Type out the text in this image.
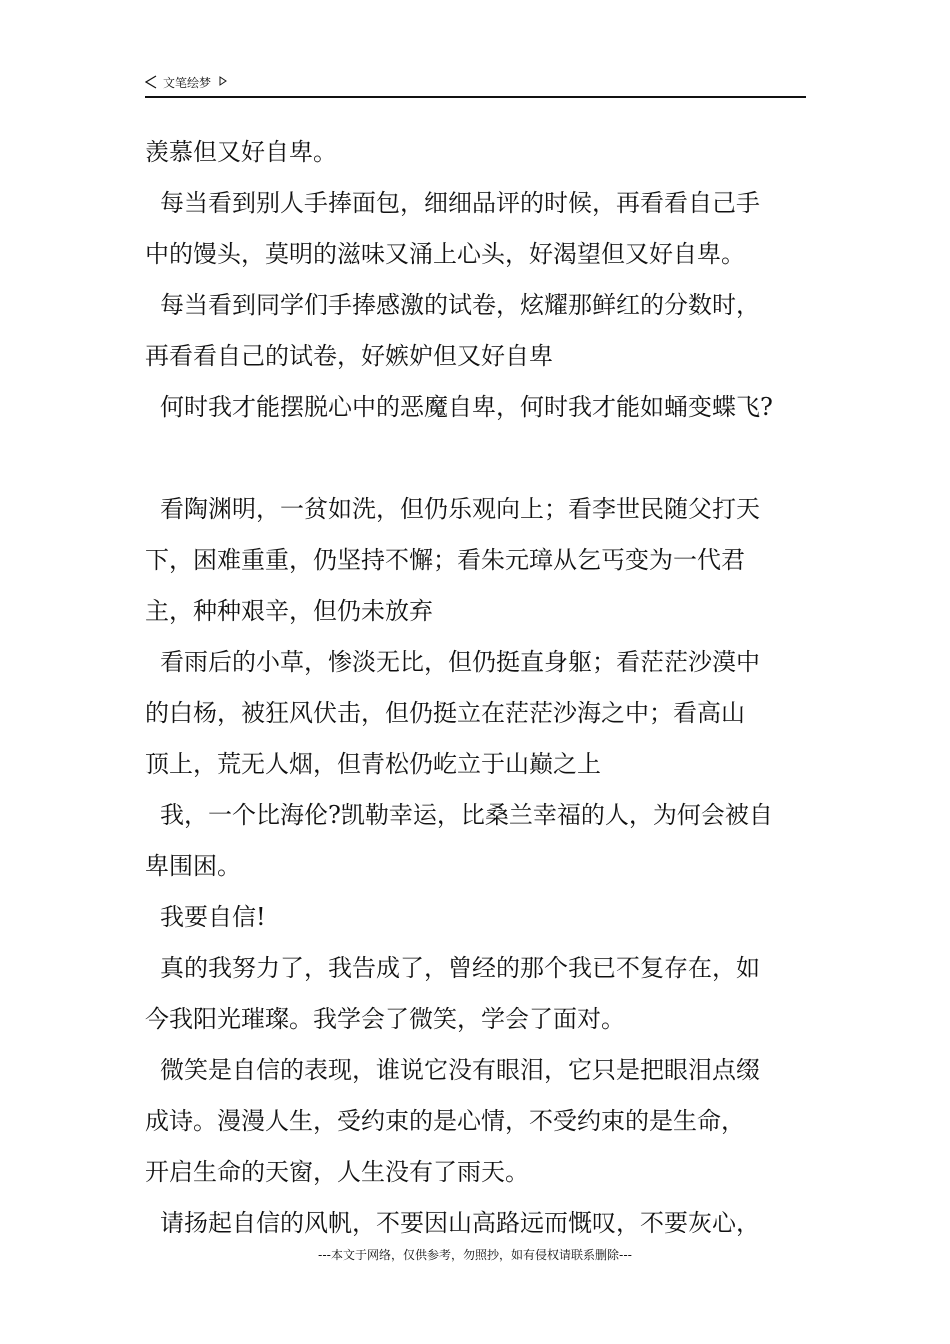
文笔绘梦
羡慕但又好自卑。
每当看到别人手捧面包，细细品评的时候，再看看自己手
中的馒头，莫明的滋味又涌上心头，好渴望但又好自卑。
每当看到同学们手捧感激的试卷，炫耀那鲜红的分数时，
再看看自己的试卷，好嫉妒但又好自卑
何时我才能摆脱心中的恶魔自卑，何时我才能如蛹变蝶飞?
看陶渊明，一贫如洗，但仍乐观向上；看李世民随父打天
下，困难重重，仍坚持不懈；看朱元璋从乞丐变为一代君
主，种种艰辛，但仍未放弃
看雨后的小草，惨淡无比，但仍挺直身躯；看茫茫沙漠中
的白杨，被狂风伏击，但仍挺立在茫茫沙海之中；看高山
顶上，荒无人烟，但青松仍屹立于山巅之上
我，一个比海伦?凯勒幸运，比桑兰幸福的人，为何会被自
卑围困。
我要自信!
真的我努力了，我告成了，曾经的那个我已不复存在，如
今我阳光璀璨。我学会了微笑，学会了面对。
微笑是自信的表现，谁说它没有眼泪，它只是把眼泪点缀
成诗。漫漫人生，受约束的是心情，不受约束的是生命，
开启生命的天窗，人生没有了雨天。
请扬起自信的风帆，不要因山高路远而慨叹，不要灰心，
---本文于网络，仅供参考，勿照抄，如有侵权请联系删除---
